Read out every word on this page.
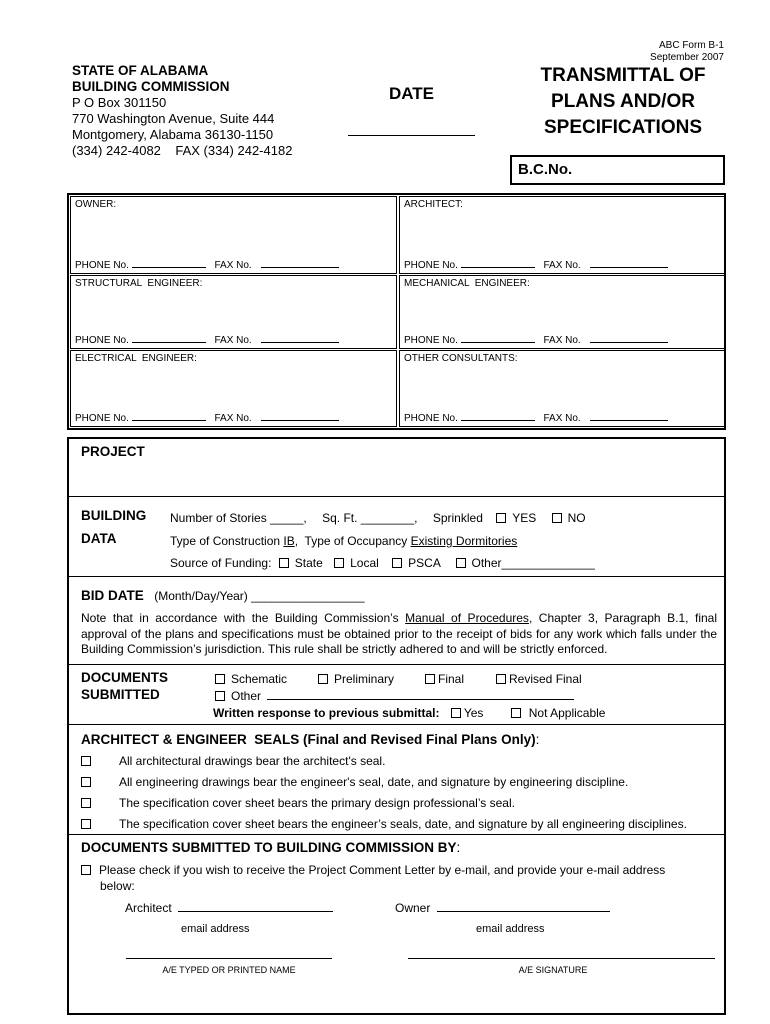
ABC Form B-1
September 2007
STATE OF ALABAMA
BUILDING COMMISSION
P O Box 301150
770 Washington Avenue, Suite 444
Montgomery, Alabama 36130-1150
(334) 242-4082    FAX (334) 242-4182
DATE
TRANSMITTAL OF
PLANS AND/OR
SPECIFICATIONS
B.C.No.
OWNER:
PHONE No.	FAX No.
ARCHITECT:
PHONE No.	FAX No.
STRUCTURAL  ENGINEER:
PHONE No.	FAX No.
MECHANICAL  ENGINEER:
PHONE No.	FAX No.
ELECTRICAL  ENGINEER:
PHONE No.	FAX No.
OTHER CONSULTANTS:
PHONE No.	FAX No.
PROJECT
BUILDING
DATA
Number of Stories _____, Sq. Ft. ________, Sprinkled YES	NO
Type of Construction IB,  Type of Occupancy Existing Dormitories
Source of Funding: State Local PSCA	Other______________
BID DATE (Month/Day/Year) _________________
Note that in accordance with the Building Commission’s Manual of Procedures, Chapter 3, Paragraph B.1, final approval of the plans and specifications must be obtained prior to the receipt of bids for any work which falls under the Building Commission’s jurisdiction. This rule shall be strictly adhered to and will be strictly enforced.
DOCUMENTS
SUBMITTED
Schematic	Preliminary	Final	Revised Final
Other
Written response to previous submittal: Yes	Not Applicable
ARCHITECT & ENGINEER  SEALS (Final and Revised Final Plans Only):
All architectural drawings bear the architect's seal.
All engineering drawings bear the engineer's seal, date, and signature by engineering discipline.
The specification cover sheet bears the primary design professional’s seal.
The specification cover sheet bears the engineer’s seals, date, and signature by all engineering disciplines.
DOCUMENTS SUBMITTED TO BUILDING COMMISSION BY:
Please check if you wish to receive the Project Comment Letter by e-mail, and provide your e-mail address
below:
Architect
email address
Owner
email address
A/E TYPED OR PRINTED NAME	A/E SIGNATURE
